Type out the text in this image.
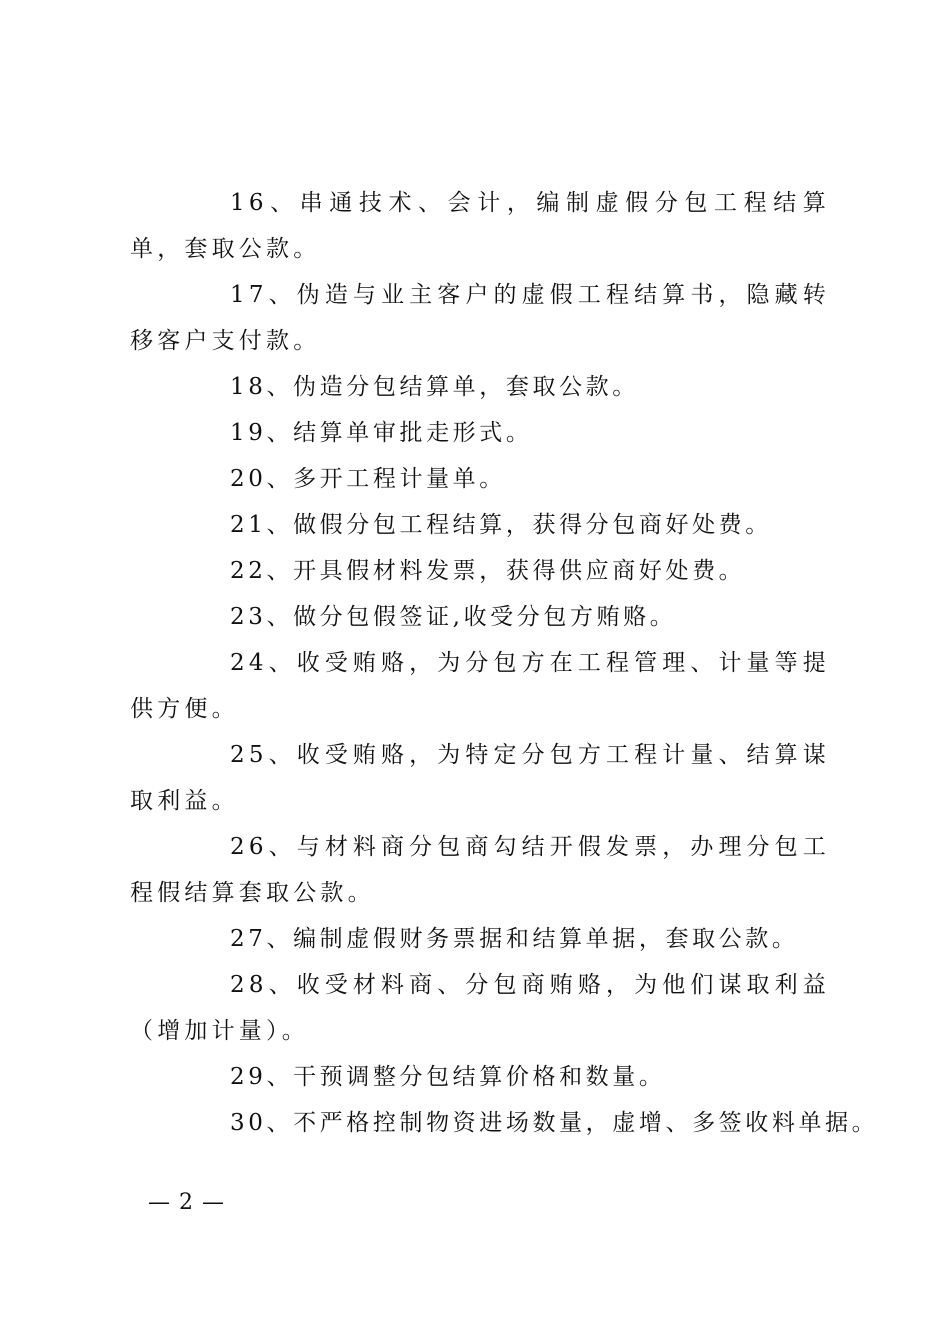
16、串通技术、会计，编制虚假分包工程结算单，套取公款。

17、伪造与业主客户的虚假工程结算书，隐藏转移客户支付款。

18、伪造分包结算单，套取公款。

19、结算单审批走形式。

20、多开工程计量单。

21、做假分包工程结算，获得分包商好处费。

22、开具假材料发票，获得供应商好处费。

23、做分包假签证,收受分包方贿赂。

24、收受贿赂，为分包方在工程管理、计量等提供方便。

25、收受贿赂，为特定分包方工程计量、结算谋取利益。

26、与材料商分包商勾结开假发票，办理分包工程假结算套取公款。

27、编制虚假财务票据和结算单据，套取公款。

28、收受材料商、分包商贿赂，为他们谋取利益（增加计量）。

29、干预调整分包结算价格和数量。

30、不严格控制物资进场数量，虚增、多签收料单据。

— 2 —
